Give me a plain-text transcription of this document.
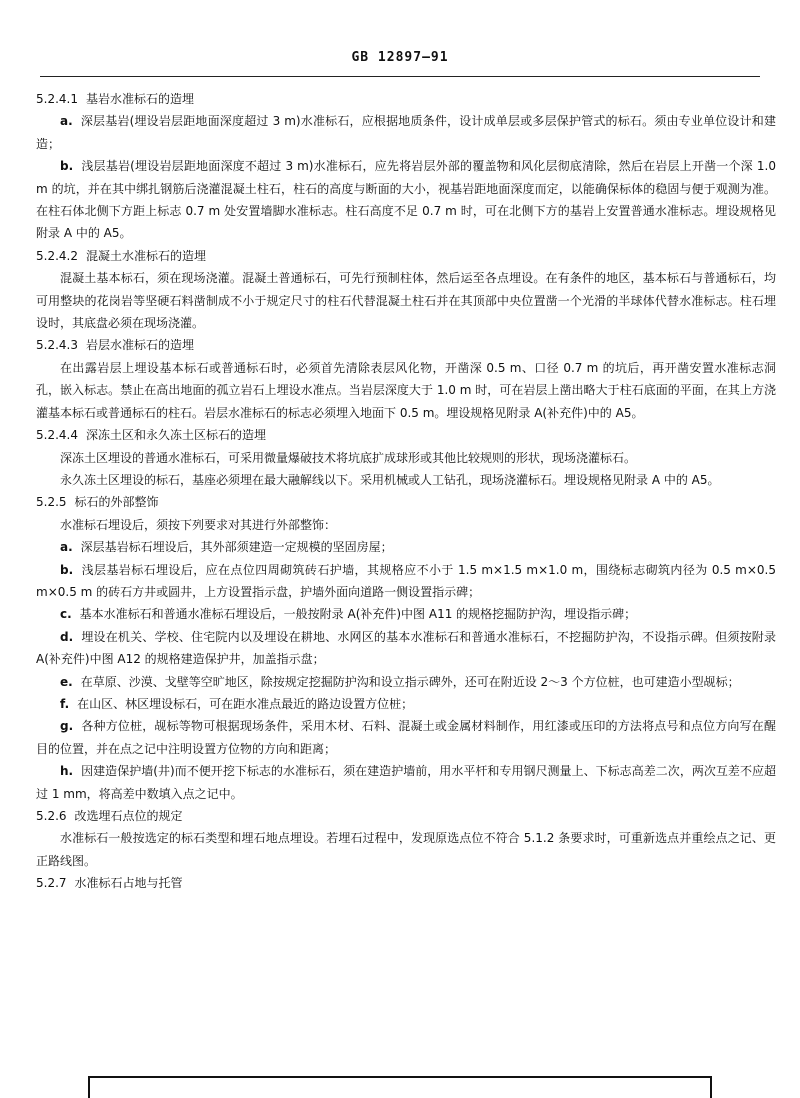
GB 12897—91

5.2.4.1 基岩水准标石的造埋

a. 深层基岩(埋设岩层距地面深度超过 3 m)水准标石，应根据地质条件，设计成单层或多层保护管式的标石。须由专业单位设计和建造；

b. 浅层基岩(埋设岩层距地面深度不超过 3 m)水准标石，应先将岩层外部的覆盖物和风化层彻底清除，然后在岩层上开凿一个深 1.0 m 的坑，并在其中绑扎钢筋后浇灌混凝土柱石，柱石的高度与断面的大小，视基岩距地面深度而定，以能确保标体的稳固与便于观测为准。在柱石体北侧下方距上标志 0.7 m 处安置墙脚水准标志。柱石高度不足 0.7 m 时，可在北侧下方的基岩上安置普通水准标志。埋设规格见附录 A 中的 A5。

5.2.4.2 混凝土水准标石的造埋

混凝土基本标石，须在现场浇灌。混凝土普通标石，可先行预制柱体，然后运至各点埋设。在有条件的地区，基本标石与普通标石，均可用整块的花岗岩等坚硬石料凿制成不小于规定尺寸的柱石代替混凝土柱石并在其顶部中央位置凿一个光滑的半球体代替水准标志。柱石埋设时，其底盘必须在现场浇灌。

5.2.4.3 岩层水准标石的造埋

在出露岩层上埋设基本标石或普通标石时，必须首先清除表层风化物，开凿深 0.5 m、口径 0.7 m 的坑后，再开凿安置水准标志洞孔，嵌入标志。禁止在高出地面的孤立岩石上埋设水准点。当岩层深度大于 1.0 m 时，可在岩层上凿出略大于柱石底面的平面，在其上方浇灌基本标石或普通标石的柱石。岩层水准标石的标志必须埋入地面下 0.5 m。埋设规格见附录 A(补充件)中的 A5。

5.2.4.4 深冻土区和永久冻土区标石的造埋

深冻土区埋设的普通水准标石，可采用微量爆破技术将坑底扩成球形或其他比较规则的形状，现场浇灌标石。

永久冻土区埋设的标石，基座必须埋在最大融解线以下。采用机械或人工钻孔，现场浇灌标石。埋设规格见附录 A 中的 A5。

5.2.5 标石的外部整饰

水准标石埋设后，须按下列要求对其进行外部整饰：

a. 深层基岩标石埋设后，其外部须建造一定规模的坚固房屋；

b. 浅层基岩标石埋设后，应在点位四周砌筑砖石护墙，其规格应不小于 1.5 m×1.5 m×1.0 m，围绕标志砌筑内径为 0.5 m×0.5 m×0.5 m 的砖石方井或圆井，上方设置指示盘，护墙外面向道路一侧设置指示碑；

c. 基本水准标石和普通水准标石埋设后，一般按附录 A(补充件)中图 A11 的规格挖掘防护沟，埋设指示碑；

d. 埋设在机关、学校、住宅院内以及埋设在耕地、水网区的基本水准标石和普通水准标石，不挖掘防护沟，不设指示碑。但须按附录 A(补充件)中图 A12 的规格建造保护井，加盖指示盘；

e. 在草原、沙漠、戈壁等空旷地区，除按规定挖掘防护沟和设立指示碑外，还可在附近设 2～3 个方位桩，也可建造小型觇标；

f. 在山区、林区埋设标石，可在距水准点最近的路边设置方位桩；

g. 各种方位桩，觇标等物可根据现场条件，采用木材、石料、混凝土或金属材料制作，用红漆或压印的方法将点号和点位方向写在醒目的位置，并在点之记中注明设置方位物的方向和距离；

h. 因建造保护墙(井)而不便开挖下标志的水准标石，须在建造护墙前，用水平杆和专用钢尺测量上、下标志高差二次，两次互差不应超过 1 mm，将高差中数填入点之记中。

5.2.6 改选埋石点位的规定

水准标石一般按选定的标石类型和埋石地点埋设。若埋石过程中，发现原选点位不符合 5.1.2 条要求时，可重新选点并重绘点之记、更正路线图。

5.2.7 水准标石占地与托管
